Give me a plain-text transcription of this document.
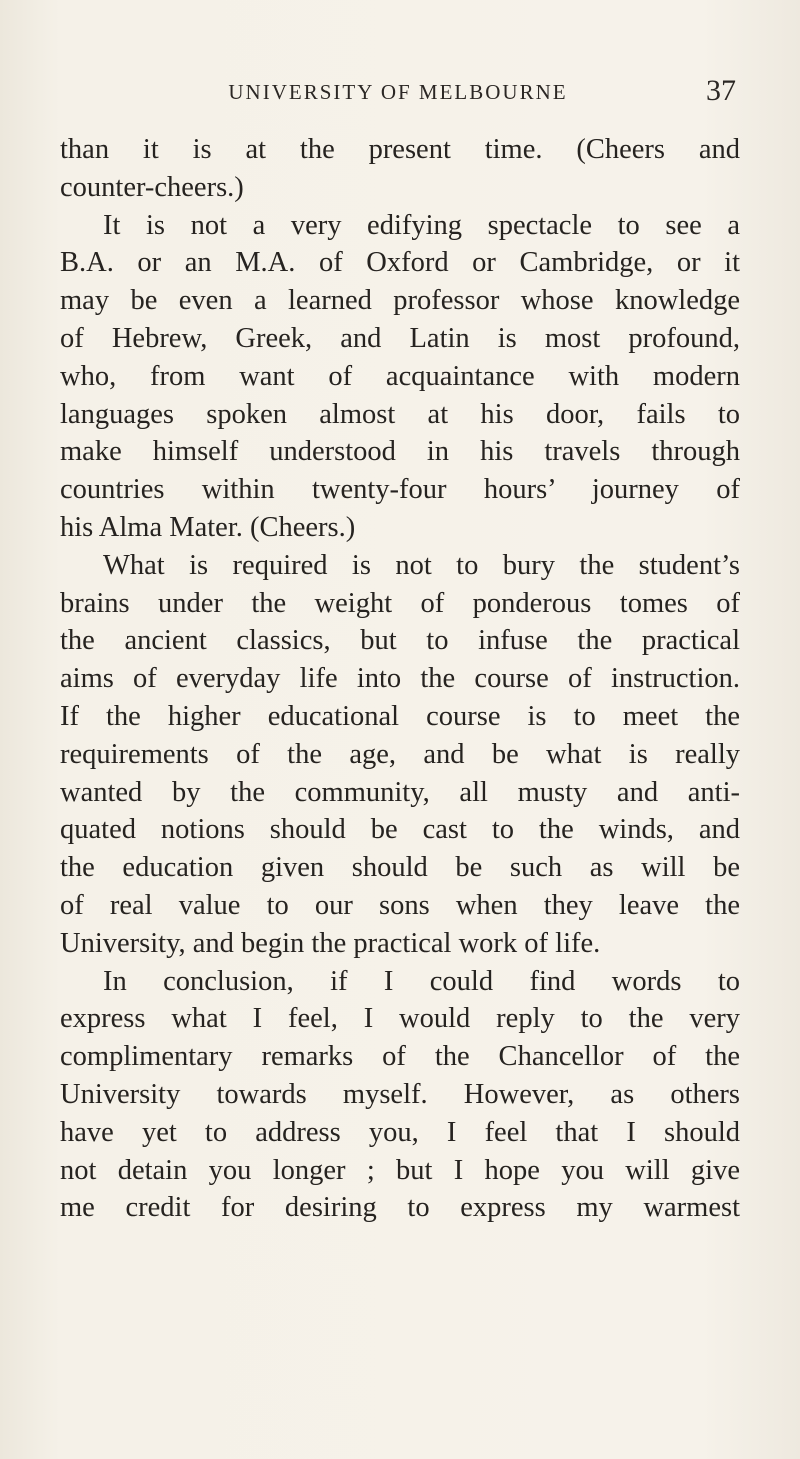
UNIVERSITY OF MELBOURNE	37
than it is at the present time. (Cheers and
counter-cheers.)
It is not a very edifying spectacle to see a
B.A. or an M.A. of Oxford or Cambridge, or it
may be even a learned professor whose knowledge
of Hebrew, Greek, and Latin is most profound,
who, from want of acquaintance with modern
languages spoken almost at his door, fails to
make himself understood in his travels through
countries within twenty-four hours’ journey of
his Alma Mater. (Cheers.)
What is required is not to bury the student’s
brains under the weight of ponderous tomes of
the ancient classics, but to infuse the practical
aims of everyday life into the course of instruction.
If the higher educational course is to meet the
requirements of the age, and be what is really
wanted by the community, all musty and anti-
quated notions should be cast to the winds, and
the education given should be such as will be
of real value to our sons when they leave the
University, and begin the practical work of life.
In conclusion, if I could find words to
express what I feel, I would reply to the very
complimentary remarks of the Chancellor of the
University towards myself. However, as others
have yet to address you, I feel that I should
not detain you longer ; but I hope you will give
me credit for desiring to express my warmest
